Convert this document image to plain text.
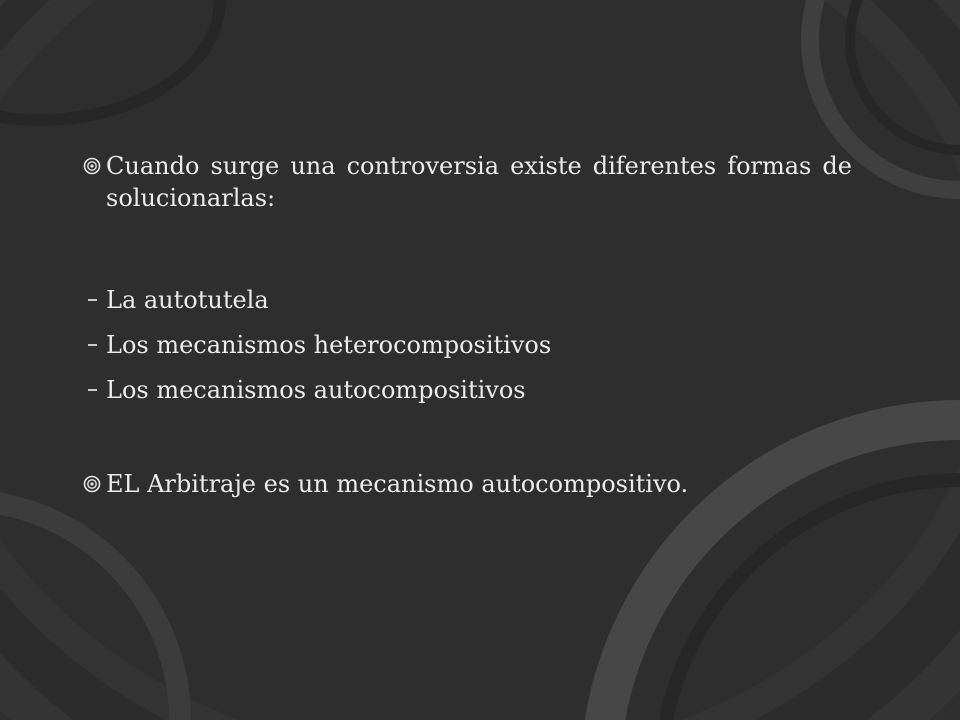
Cuando surge una controversia existe diferentes formas de solucionarlas:
La autotutela
Los mecanismos heterocompositivos
Los mecanismos autocompositivos
EL Arbitraje es un mecanismo autocompositivo.
